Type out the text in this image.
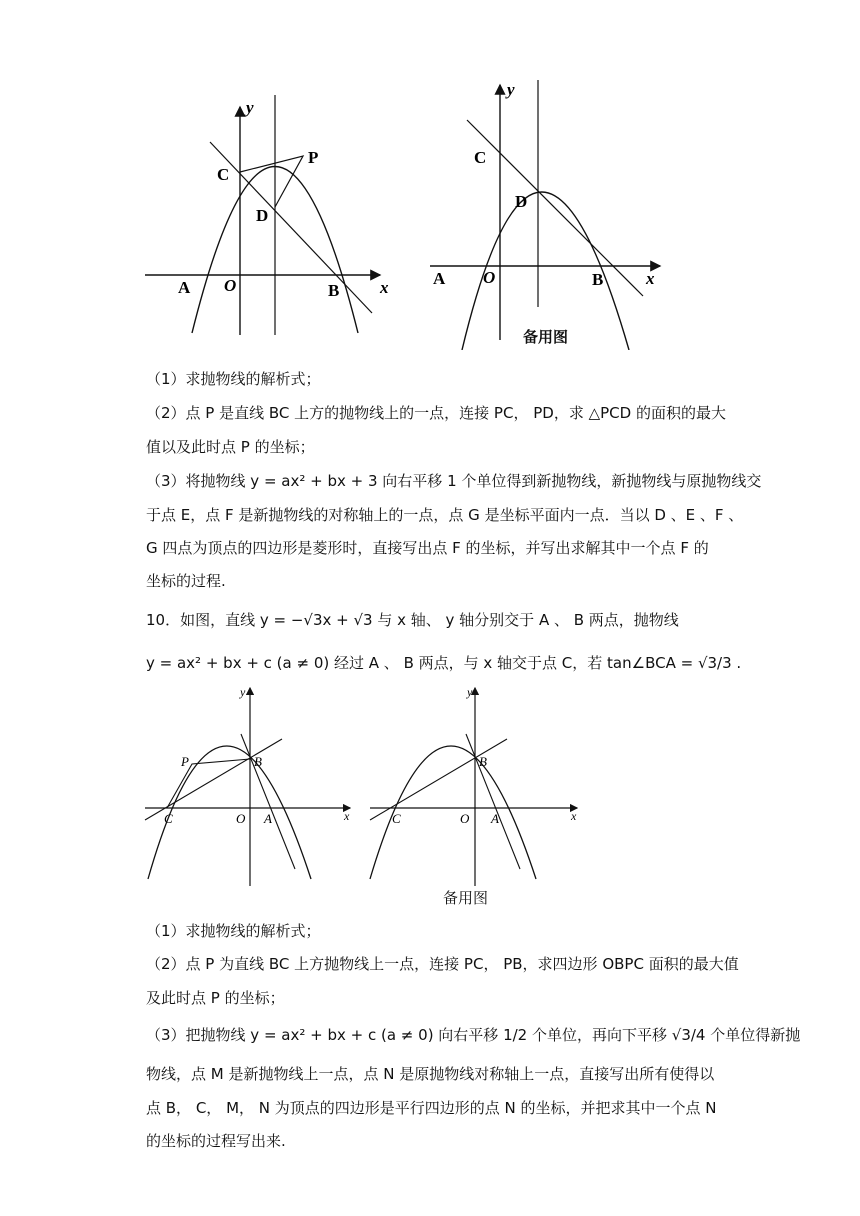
y
x
A O	B
C
D
P
y
x
A O	B
C
D
备用图
（1）求抛物线的解析式；
（2）点 P 是直线 BC 上方的抛物线上的一点，连接 PC， PD，求 △PCD 的面积的最大
值以及此时点 P 的坐标；
（3）将抛物线 y = ax² + bx + 3 向右平移 1 个单位得到新抛物线，新抛物线与原抛物线交
于点 E，点 F 是新抛物线的对称轴上的一点，点 G 是坐标平面内一点．当以 D 、E 、F 、
G 四点为顶点的四边形是菱形时，直接写出点 F 的坐标，并写出求解其中一个点 F 的
坐标的过程.
10．如图，直线 y = −√3x + √3 与 x 轴、 y 轴分别交于 A 、 B 两点，抛物线
y = ax² + bx + c (a ≠ 0) 经过 A 、 B 两点，与 x 轴交于点 C，若 tan∠BCA = √3/3 .
y
x
C	O A
B
P
y
x
C	O A
B
备用图
（1）求抛物线的解析式；
（2）点 P 为直线 BC 上方抛物线上一点，连接 PC， PB，求四边形 OBPC 面积的最大值
及此时点 P 的坐标；
（3）把抛物线 y = ax² + bx + c (a ≠ 0) 向右平移 1/2 个单位，再向下平移 √3/4 个单位得新抛
物线，点 M 是新抛物线上一点，点 N 是原抛物线对称轴上一点，直接写出所有使得以
点 B， C， M， N 为顶点的四边形是平行四边形的点 N 的坐标，并把求其中一个点 N
的坐标的过程写出来.
